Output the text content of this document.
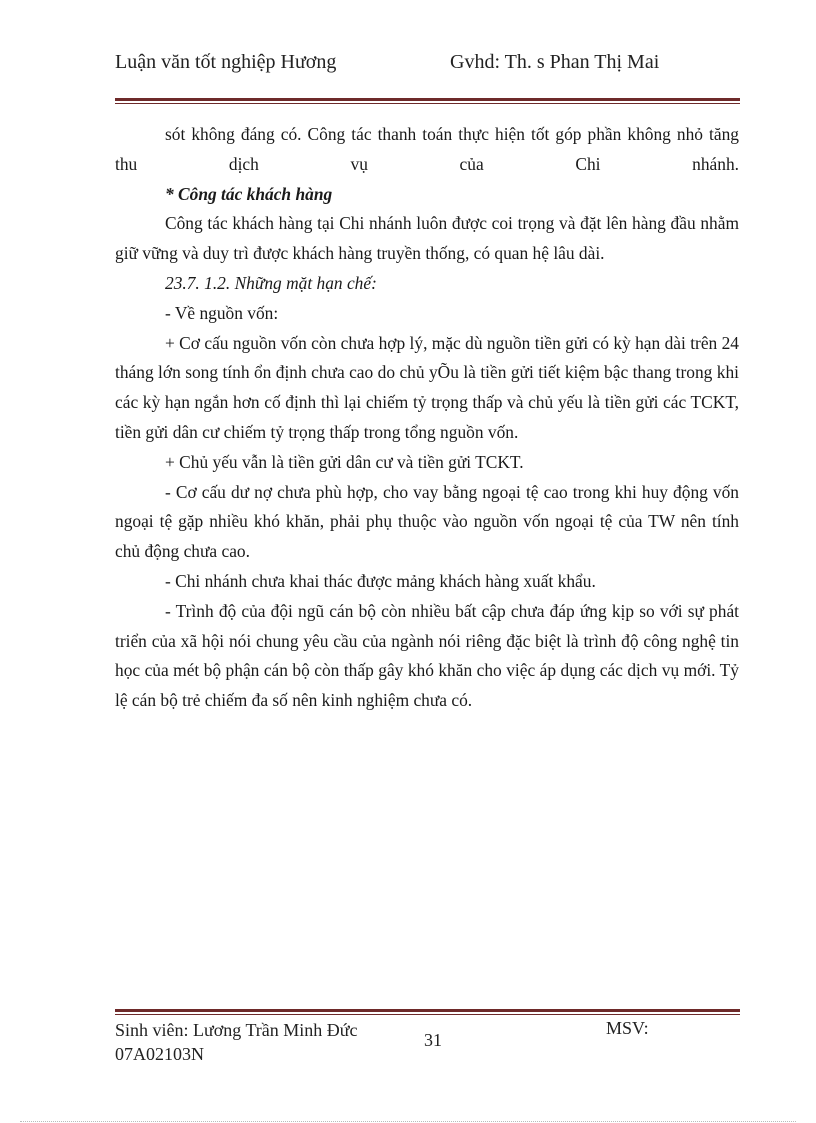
Luận văn tốt nghiệp Hương	Gvhd: Th. s Phan Thị Mai

sót không đáng có. Công tác thanh toán thực hiện tốt góp phần không nhỏ tăng thu dịch vụ của Chi nhánh.

* Công tác khách hàng

Công tác khách hàng tại Chi nhánh luôn được coi trọng và đặt lên hàng đầu nhằm giữ vững và duy trì được khách hàng truyền thống, có quan hệ lâu dài.

23.7. 1.2. Những mặt hạn chế:

- Về nguồn vốn:

+ Cơ cấu nguồn vốn còn chưa hợp lý, mặc dù nguồn tiền gửi có kỳ hạn dài trên 24 tháng lớn song tính ổn định chưa cao do chủ yÕu là tiền gửi tiết kiệm bậc thang trong khi các kỳ hạn ngắn hơn cố định thì lại chiếm tỷ trọng thấp và chủ yếu là tiền gửi các TCKT, tiền gửi dân cư chiếm tỷ trọng thấp trong tổng nguồn vốn.

+ Chủ yếu vẫn là tiền gửi dân cư và tiền gửi TCKT.

- Cơ cấu dư nợ chưa phù hợp, cho vay bằng ngoại tệ cao trong khi huy động vốn ngoại tệ gặp nhiều khó khăn, phải phụ thuộc vào nguồn vốn ngoại tệ của TW nên tính chủ động chưa cao.

- Chi nhánh chưa khai thác được mảng khách hàng xuất khẩu.

- Trình độ của đội ngũ cán bộ còn nhiều bất cập chưa đáp ứng kịp so với sự phát triển của xã hội nói chung yêu cầu của ngành nói riêng đặc biệt là trình độ công nghệ tin học của mét bộ phận cán bộ còn thấp gây khó khăn cho việc áp dụng các dịch vụ mới. Tỷ lệ cán bộ trẻ chiếm đa số nên kinh nghiệm chưa có.

Sinh viên: Lương Trần Minh Đức 07A02103N
31
MSV:
